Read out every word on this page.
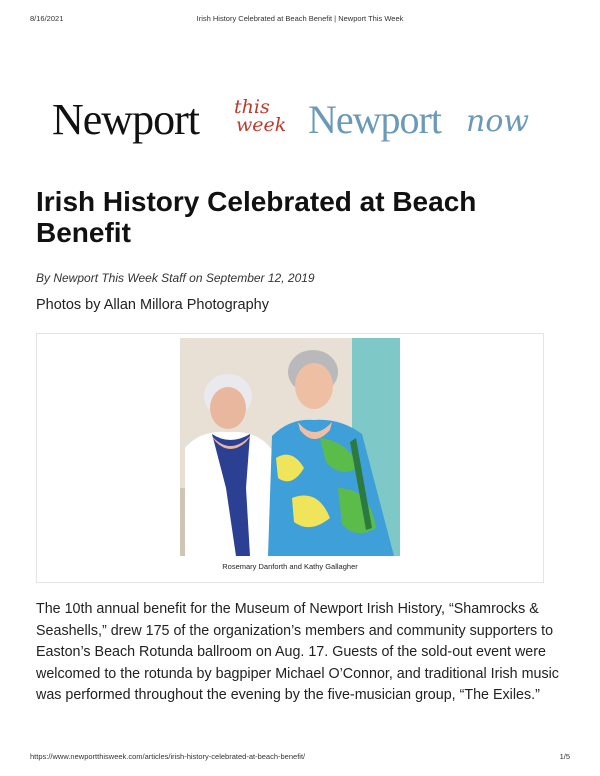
8/16/2021	Irish History Celebrated at Beach Benefit | Newport This Week
Newport this
week Newport now
Irish History Celebrated at Beach Benefit
By Newport This Week Staff on September 12, 2019
Photos by Allan Millora Photography
Rosemary Danforth and Kathy Gallagher

The 10th annual benefit for the Museum of Newport Irish History, “Shamrocks & Seashells,” drew 175 of the organization’s members and community supporters to Easton’s Beach Rotunda ballroom on Aug. 17. Guests of the sold-out event were welcomed to the rotunda by bagpiper Michael O’Connor, and traditional Irish music was performed throughout the evening by the five-musician group, “The Exiles.”

https://www.newportthisweek.com/articles/irish-history-celebrated-at-beach-benefit/	1/5
